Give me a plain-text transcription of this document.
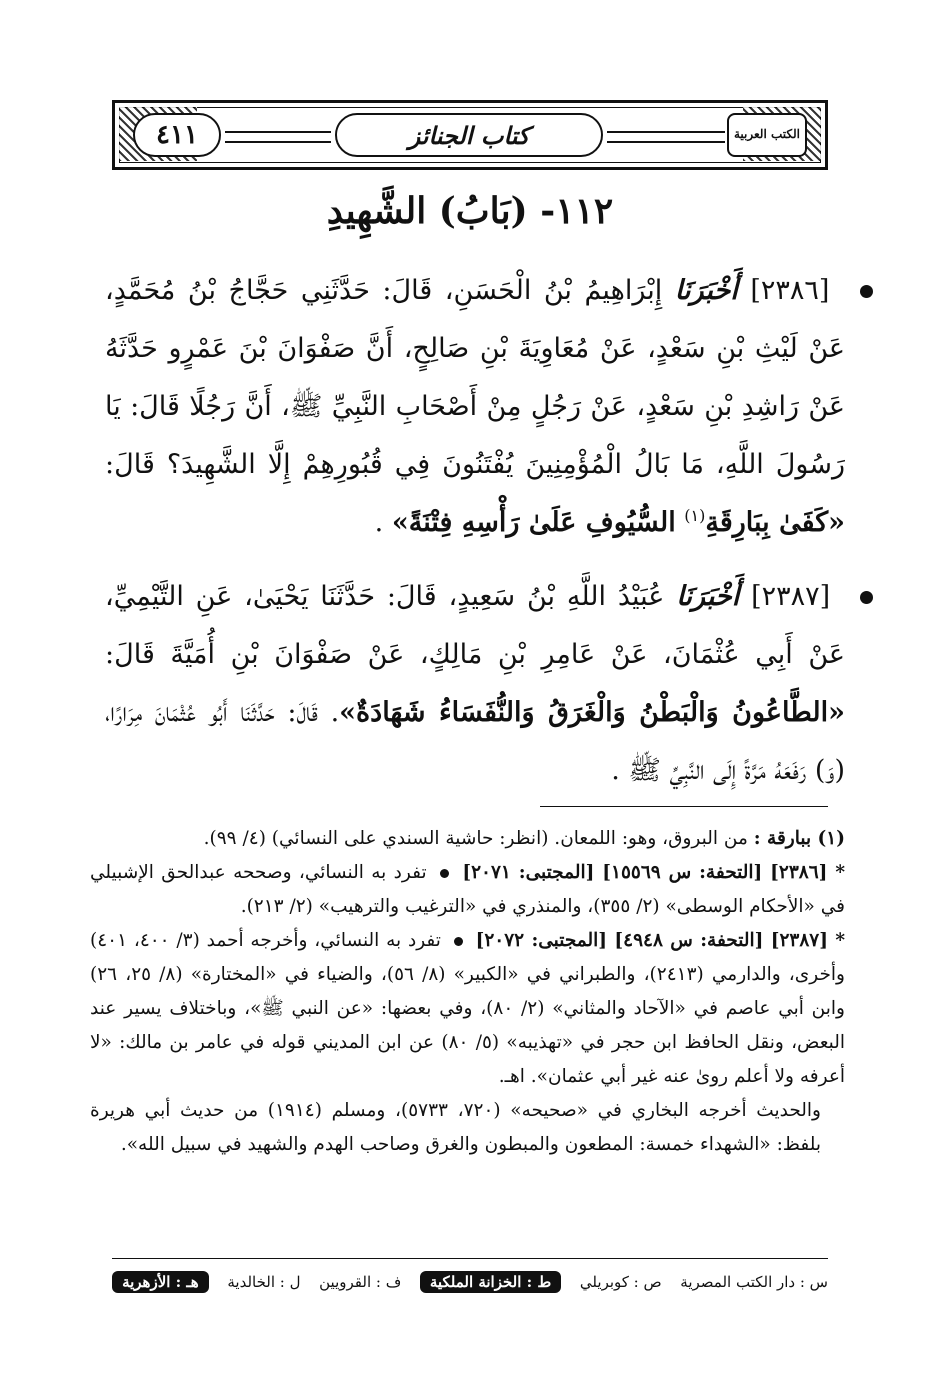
الكتب العربية
كتاب الجنائز
٤١١
١١٢- (بَابُ) الشَّهِيدِ
[٢٣٨٦] أَخْبَرَنَا إِبْرَاهِيمُ بْنُ الْحَسَنِ، قَالَ: حَدَّثَنِي حَجَّاجُ بْنُ مُحَمَّدٍ، عَنْ لَيْثِ بْنِ سَعْدٍ، عَنْ مُعَاوِيَةَ بْنِ صَالِحٍ، أَنَّ صَفْوَانَ بْنَ عَمْرٍو حَدَّثَهُ عَنْ رَاشِدِ بْنِ سَعْدٍ، عَنْ رَجُلٍ مِنْ أَصْحَابِ النَّبِيِّ ﷺ، أَنَّ رَجُلًا قَالَ: يَا رَسُولَ اللَّهِ، مَا بَالُ الْمُؤْمِنِينَ يُفْتَنُونَ فِي قُبُورِهِمْ إِلَّا الشَّهِيدَ؟ قَالَ: «كَفَىٰ بِبَارِقَةِ$^{(١)}$ السُّيُوفِ عَلَىٰ رَأْسِهِ فِتْنَةً» .
[٢٣٨٧] أَخْبَرَنَا عُبَيْدُ اللَّهِ بْنُ سَعِيدٍ، قَالَ: حَدَّثَنَا يَحْيَىٰ، عَنِ التَّيْمِيِّ، عَنْ أَبِي عُثْمَانَ، عَنْ عَامِرِ بْنِ مَالِكٍ، عَنْ صَفْوَانَ بْنِ أُمَيَّةَ قَالَ: «الطَّاعُونُ وَالْبَطْنُ وَالْغَرَقُ وَالنُّفَسَاءُ شَهَادَةٌ». قَالَ: حَدَّثَنَا أَبُو عُثْمَانَ مِرَارًا، (وَ) رَفَعَهُ مَرَّةً إِلَى النَّبِيِّ ﷺ .

(١) ببارقة : من البروق، وهو: اللمعان. (انظر: حاشية السندي على النسائي) (٤/ ٩٩).

* [٢٣٨٦] [التحفة: س ١٥٥٦٩] [المجتبى: ٢٠٧١]  تفرد به النسائي، وصححه عبدالحق الإشبيلي في «الأحكام الوسطى» (٢/ ٣٥٥)، والمنذري في «الترغيب والترهيب» (٢/ ٢١٣).

* [٢٣٨٧] [التحفة: س ٤٩٤٨] [المجتبى: ٢٠٧٢]  تفرد به النسائي، وأخرجه أحمد (٣/ ٤٠٠، ٤٠١) وأخرى، والدارمي (٢٤١٣)، والطبراني في «الكبير» (٨/ ٥٦)، والضياء في «المختارة» (٨/ ٢٥، ٢٦) وابن أبي عاصم في «الآحاد والمثاني» (٢/ ٨٠)، وفي بعضها: «عن النبي ﷺ»، وباختلاف يسير عند البعض، ونقل الحافظ ابن حجر في «تهذيبه» (٥/ ٨٠) عن ابن المديني قوله في عامر بن مالك: «لا أعرفه ولا أعلم روىٰ عنه غير أبي عثمان». اهـ.

والحديث أخرجه البخاري في «صحيحه» (٧٢٠، ٥٧٣٣)، ومسلم (١٩١٤) من حديث أبي هريرة بلفظ: «الشهداء خمسة: المطعون والمبطون والغرق وصاحب الهدم والشهيد في سبيل الله».

س : دار الكتب المصرية
ص : كوبريلي
ط : الخزانة الملكية
ف : القرويين
ل : الخالدية
هـ : الأزهرية
